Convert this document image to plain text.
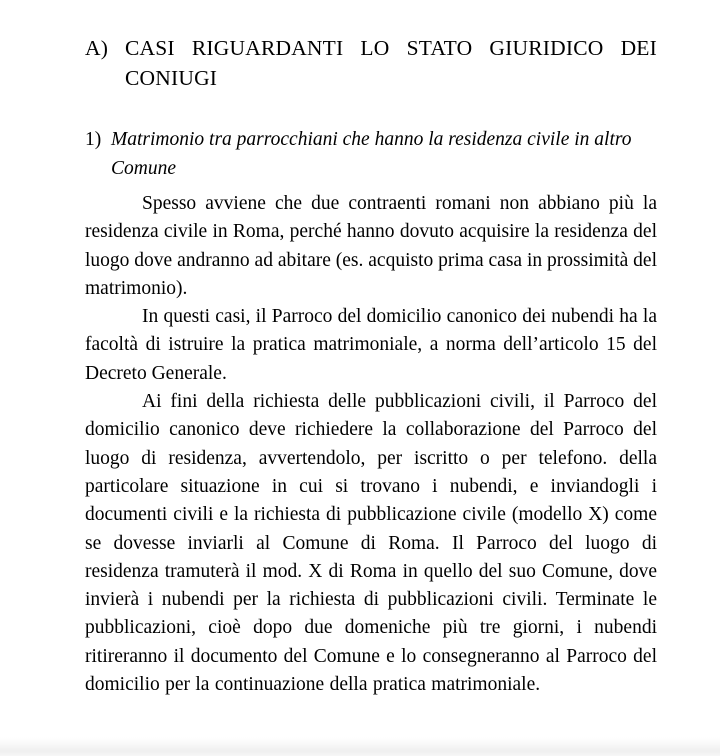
A) CASI RIGUARDANTI LO STATO GIURIDICO DEI
CONIUGI
1) Matrimonio tra parrocchiani che hanno la residenza civile in altro Comune

Spesso avviene che due contraenti romani non abbiano più la residenza civile in Roma, perché hanno dovuto acquisire la residenza del luogo dove andranno ad abitare (es. acquisto prima casa in prossimità del matrimonio).

In questi casi, il Parroco del domicilio canonico dei nubendi ha la facoltà di istruire la pratica matrimoniale, a norma dell’articolo 15 del Decreto Generale.

Ai fini della richiesta delle pubblicazioni civili, il Parroco del domicilio canonico deve richiedere la collaborazione del Parroco del luogo di residenza, avvertendolo, per iscritto o per telefono. della particolare situazione in cui si trovano i nubendi, e inviandogli i documenti civili e la richiesta di pubblicazione civile (modello X) come se dovesse inviarli al Comune di Roma. Il Parroco del luogo di residenza tramuterà il mod. X di Roma in quello del suo Comune, dove invierà i nubendi per la richiesta di pubblicazioni civili. Terminate le pubblicazioni, cioè dopo due domeniche più tre giorni, i nubendi ritireranno il documento del Comune e lo consegneranno al Parroco del domicilio per la continuazione della pratica matrimoniale.
